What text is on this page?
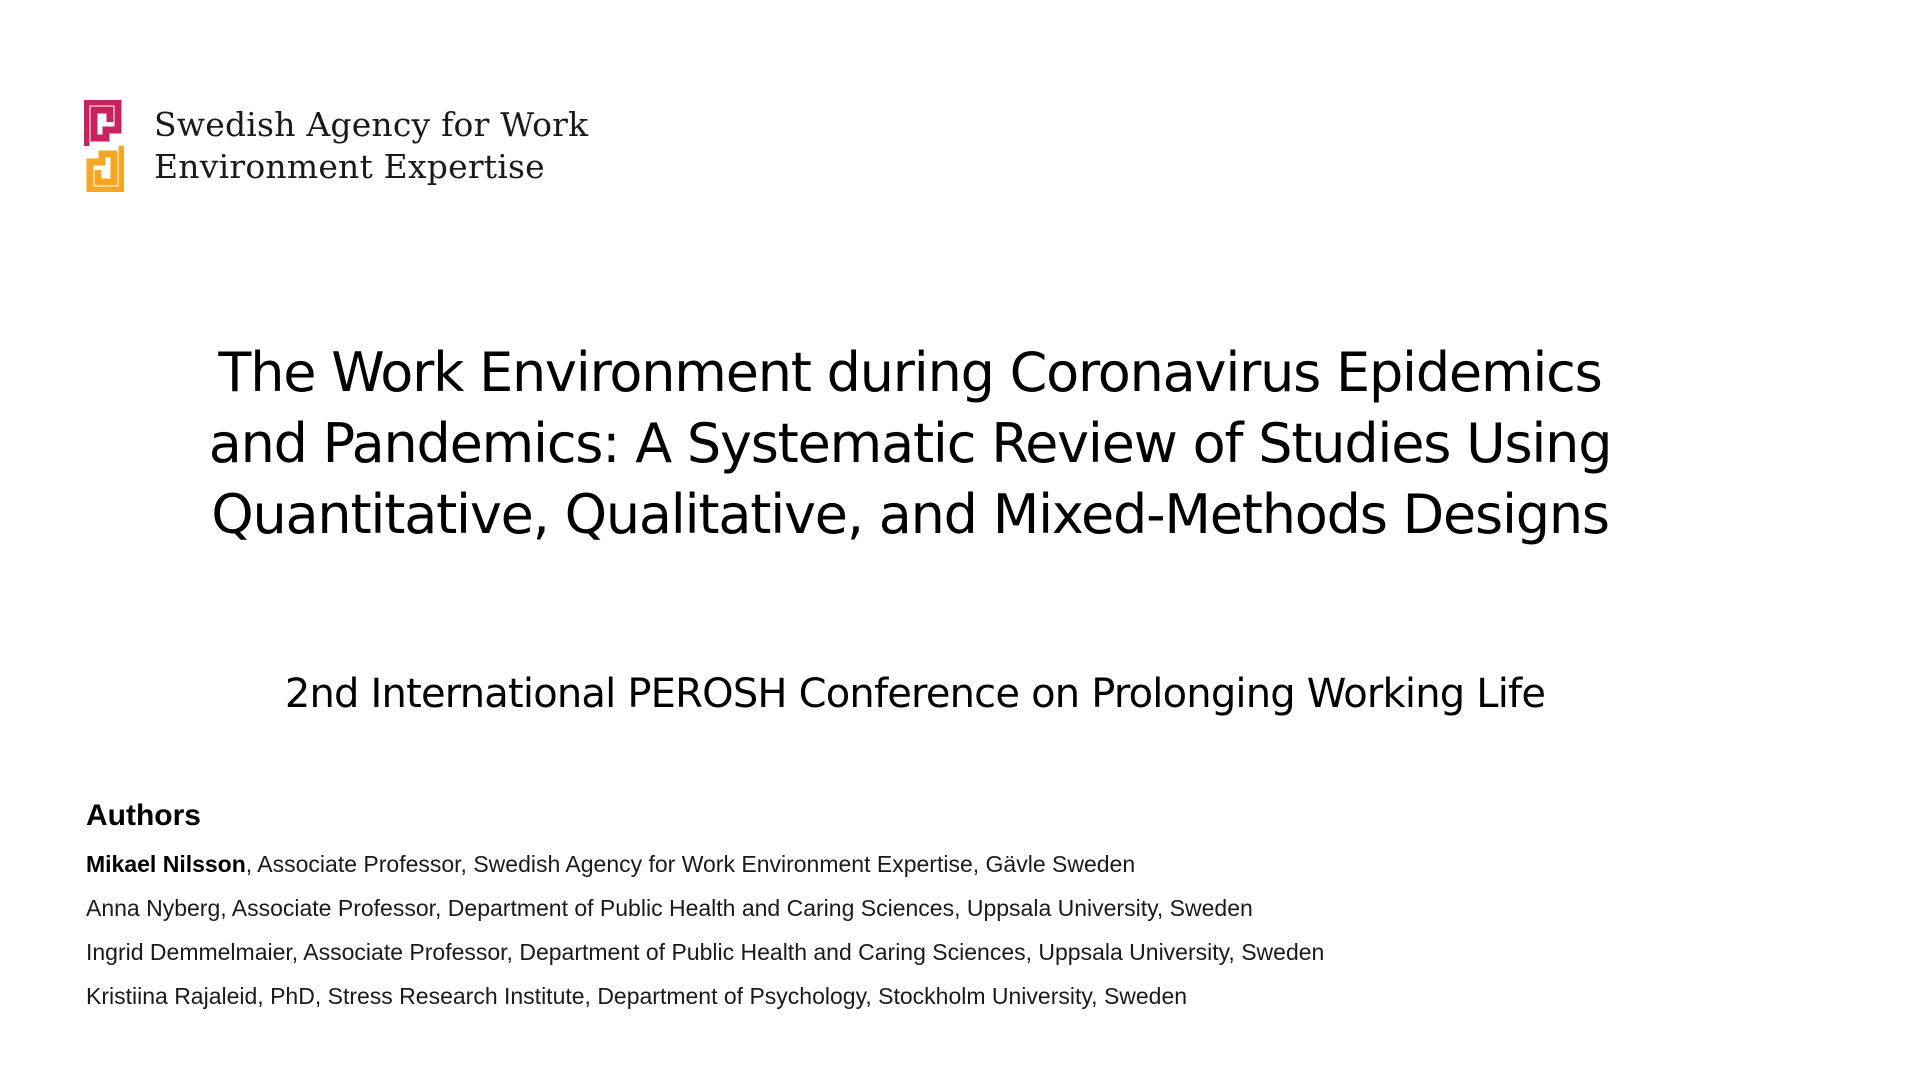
Swedish Agency for Work
Environment Expertise
The Work Environment during Coronavirus Epidemics
and Pandemics: A Systematic Review of Studies Using
Quantitative, Qualitative, and Mixed-Methods Designs
2nd International PEROSH Conference on Prolonging Working Life
Authors
Mikael Nilsson, Associate Professor, Swedish Agency for Work Environment Expertise, Gävle Sweden
Anna Nyberg, Associate Professor, Department of Public Health and Caring Sciences, Uppsala University, Sweden
Ingrid Demmelmaier, Associate Professor, Department of Public Health and Caring Sciences, Uppsala University, Sweden
Kristiina Rajaleid, PhD, Stress Research Institute, Department of Psychology, Stockholm University, Sweden
